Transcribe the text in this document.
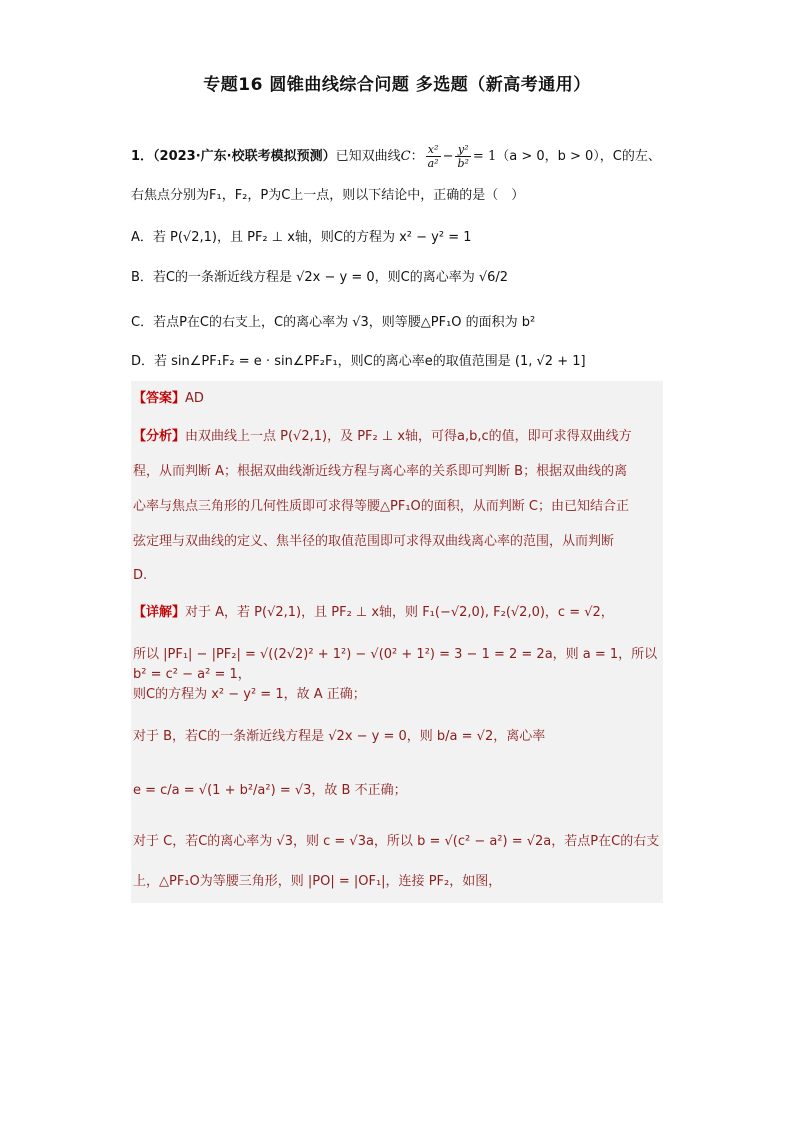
专题16 圆锥曲线综合问题 多选题（新高考通用）
1．（2023·广东·校联考模拟预测）已知双曲线C： $\frac{\text{x²}}{\text{a²}} - \frac{\text{y²}}{\text{b²}} = 1(a > 0$，b > 0），C的左、
右焦点分别为F₁，F₂，P为C上一点，则以下结论中，正确的是（　）
A．若 P(√2,1)，且 PF₂ ⊥ x轴，则C的方程为 x² − y² = 1
B．若C的一条渐近线方程是 √2x − y = 0，则C的离心率为 √6/2
C．若点P在C的右支上，C的离心率为 √3，则等腰△PF₁O 的面积为 b²
D．若 sin∠PF₁F₂ = e · sin∠PF₂F₁，则C的离心率e的取值范围是 (1, √2 + 1]
【答案】AD
【分析】由双曲线上一点 P(√2,1)，及 PF₂ ⊥ x轴，可得a,b,c的值，即可求得双曲线方
程，从而判断 A；根据双曲线渐近线方程与离心率的关系即可判断 B；根据双曲线的离
心率与焦点三角形的几何性质即可求得等腰△PF₁O的面积，从而判断 C；由已知结合正
弦定理与双曲线的定义、焦半径的取值范围即可求得双曲线离心率的范围，从而判断
D.
【详解】对于 A，若 P(√2,1)，且 PF₂ ⊥ x轴，则 F₁(−√2,0), F₂(√2,0)，c = √2，
所以 |PF₁| − |PF₂| = √((2√2)² + 1²) − √(0² + 1²) = 3 − 1 = 2 = 2a，则 a = 1，所以 b² = c² − a² = 1，
则C的方程为 x² − y² = 1，故 A 正确；
对于 B，若C的一条渐近线方程是 √2x − y = 0，则 b/a = √2，离心率
e = c/a = √(1 + b²/a²) = √3，故 B 不正确；
对于 C，若C的离心率为 √3，则 c = √3a，所以 b = √(c² − a²) = √2a，若点P在C的右支
上，△PF₁O为等腰三角形，则 |PO| = |OF₁|，连接 PF₂，如图，
